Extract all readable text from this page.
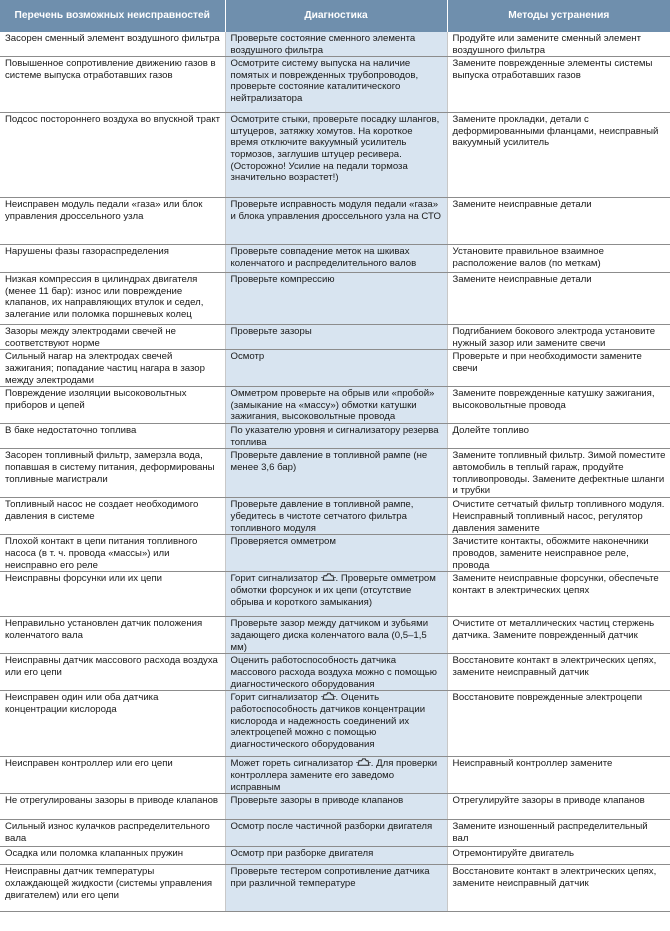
Перечень возможных неисправностей	Диагностика	Методы устранения
Засорен сменный элемент воздушного фильтра	Проверьте состояние сменного элемента воздушного фильтра	Продуйте или замените сменный элемент воздушного фильтра
Повышенное сопротивление движению газов в системе выпуска отработавших газов	Осмотрите систему выпуска на наличие помятых и поврежденных трубопроводов, проверьте состояние каталитического нейтрализатора	Замените поврежденные элементы системы выпуска отработавших газов
Подсос постороннего воздуха во впускной тракт	Осмотрите стыки, проверьте посадку шлангов, штуцеров, затяжку хомутов. На короткое время отключите вакуумный усилитель тормозов, заглушив штуцер ресивера. (Осторожно! Усилие на педали тормоза значительно возрастет!)	Замените прокладки, детали с деформированными фланцами, неисправный вакуумный усилитель
Неисправен модуль педали «газа» или блок управления дроссельного узла	Проверьте исправность модуля педали «газа» и блока управления дроссельного узла на СТО	Замените неисправные детали
Нарушены фазы газораспределения	Проверьте совпадение меток на шкивах коленчатого и распределительного валов	Установите правильное взаимное расположение валов (по меткам)
Низкая компрессия в цилиндрах двигателя (менее 11 бар): износ или повреждение клапанов, их направляющих втулок и седел, залегание или поломка поршневых колец	Проверьте компрессию	Замените неисправные детали
Зазоры между электродами свечей не соответствуют норме	Проверьте зазоры	Подгибанием бокового электрода установите нужный зазор или замените свечи
Сильный нагар на электродах свечей зажигания; попадание частиц нагара в зазор между электродами	Осмотр	Проверьте и при необходимости замените свечи
Повреждение изоляции высоковольтных приборов и цепей	Омметром проверьте на обрыв или «пробой» (замыкание на «массу») обмотки катушки зажигания, высоковольтные провода	Замените поврежденные катушку зажигания, высоковольтные провода
В баке недостаточно топлива	По указателю уровня и сигнализатору резерва топлива	Долейте топливо
Засорен топливный фильтр, замерзла вода, попавшая в систему питания, деформированы топливные магистрали	Проверьте давление в топливной рампе (не менее 3,6 бар)	Замените топливный фильтр. Зимой поместите автомобиль в теплый гараж, продуйте топливопроводы. Замените дефектные шланги и трубки
Топливный насос не создает необходимого давления в системе	Проверьте давление в топливной рампе, убедитесь в чистоте сетчатого фильтра топливного модуля	Очистите сетчатый фильтр топливного модуля. Неисправный топливный насос, регулятор давления замените
Плохой контакт в цепи питания топливного насоса (в т. ч. провода «массы») или неисправно его реле	Проверяется омметром	Зачистите контакты, обожмите наконечники проводов, замените неисправное реле, провода
Неисправны форсунки или их цепи	Горит сигнализатор . Проверьте омметром обмотки форсунок и их цепи (отсутствие обрыва и короткого замыкания)	Замените неисправные форсунки, обеспечьте контакт в электрических цепях
Неправильно установлен датчик положения коленчатого вала	Проверьте зазор между датчиком и зубьями задающего диска коленчатого вала (0,5–1,5 мм)	Очистите от металлических частиц стержень датчика. Замените поврежденный датчик
Неисправны датчик массового расхода воздуха или его цепи	Оценить работоспособность датчика массового расхода воздуха можно с помощью диагностического оборудования	Восстановите контакт в электрических цепях, замените неисправный датчик
Неисправен один или оба датчика концентрации кислорода	Горит сигнализатор . Оценить работоспособность датчиков концентрации кислорода и надежность соединений их электроцепей можно с помощью диагностического оборудования	Восстановите поврежденные электроцепи
Неисправен контроллер или его цепи	Может гореть сигнализатор . Для проверки контроллера замените его заведомо исправным	Неисправный контроллер замените
Не отрегулированы зазоры в приводе клапанов	Проверьте зазоры в приводе клапанов	Отрегулируйте зазоры в приводе клапанов
Сильный износ кулачков распределительного вала	Осмотр после частичной разборки двигателя	Замените изношенный распределительный вал
Осадка или поломка клапанных пружин	Осмотр при разборке двигателя	Отремонтируйте двигатель
Неисправны датчик температуры охлаждающей жидкости (системы управления двигателем) или его цепи	Проверьте тестером сопротивление датчика при различной температуре	Восстановите контакт в электрических цепях, замените неисправный датчик
